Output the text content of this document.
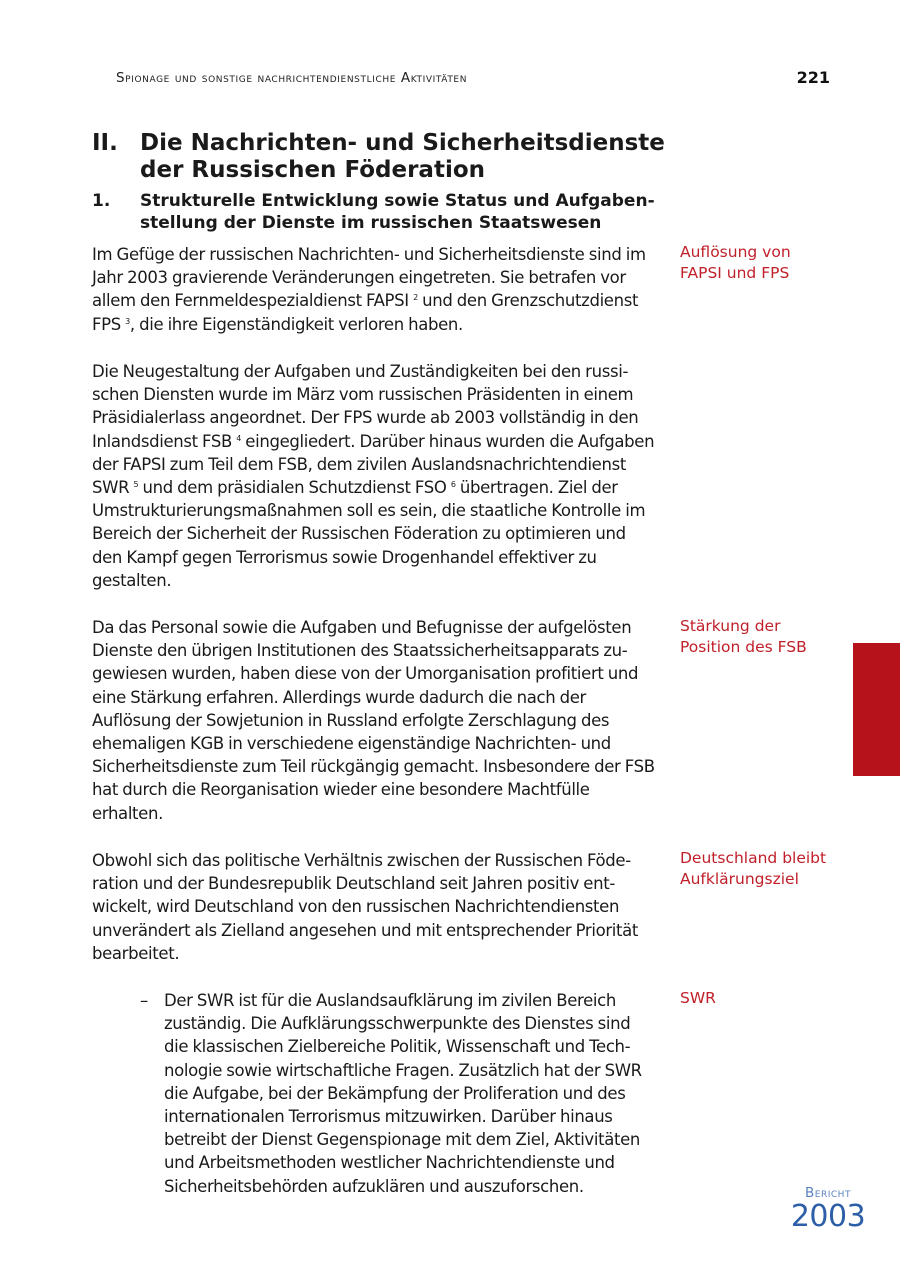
Spionage und sonstige nachrichtendienstliche Aktivitäten	221
II. Die Nachrichten- und Sicherheitsdienste der Russischen Föderation
1. Strukturelle Entwicklung sowie Status und Aufgabenstellung der Dienste im russischen Staatswesen

Im Gefüge der russischen Nachrichten- und Sicherheitsdienste sind im Jahr 2003 gravierende Veränderungen eingetreten. Sie betrafen vor allem den Fernmeldespezialdienst FAPSI $^2$ und den Grenzschutzdienst FPS $^3$, die ihre Eigenständigkeit verloren haben.

Die Neugestaltung der Aufgaben und Zuständigkeiten bei den russischen Diensten wurde im März vom russischen Präsidenten in einem Präsidialerlass angeordnet. Der FPS wurde ab 2003 vollständig in den Inlandsdienst FSB $^4$ eingegliedert. Darüber hinaus wurden die Aufgaben der FAPSI zum Teil dem FSB, dem zivilen Auslandsnachrichtendienst SWR $^5$ und dem präsidialen Schutzdienst FSO $^6$ übertragen. Ziel der Umstrukturierungsmaßnahmen soll es sein, die staatliche Kontrolle im Bereich der Sicherheit der Russischen Föderation zu optimieren und den Kampf gegen Terrorismus sowie Drogenhandel effektiver zu gestalten.

Da das Personal sowie die Aufgaben und Befugnisse der aufgelösten Dienste den übrigen Institutionen des Staatssicherheitsapparats zugewiesen wurden, haben diese von der Umorganisation profitiert und eine Stärkung erfahren. Allerdings wurde dadurch die nach der Auflösung der Sowjetunion in Russland erfolgte Zerschlagung des ehemaligen KGB in verschiedene eigenständige Nachrichten- und Sicherheitsdienste zum Teil rückgängig gemacht. Insbesondere der FSB hat durch die Reorganisation wieder eine besondere Machtfülle erhalten.

Obwohl sich das politische Verhältnis zwischen der Russischen Föderation und der Bundesrepublik Deutschland seit Jahren positiv entwickelt, wird Deutschland von den russischen Nachrichtendiensten unverändert als Zielland angesehen und mit entsprechender Priorität bearbeitet.

– Der SWR ist für die Auslandsaufklärung im zivilen Bereich zuständig. Die Aufklärungsschwerpunkte des Dienstes sind die klassischen Zielbereiche Politik, Wissenschaft und Technologie sowie wirtschaftliche Fragen. Zusätzlich hat der SWR die Aufgabe, bei der Bekämpfung der Proliferation und des internationalen Terrorismus mitzuwirken. Darüber hinaus betreibt der Dienst Gegenspionage mit dem Ziel, Aktivitäten und Arbeitsmethoden westlicher Nachrichtendienste und Sicherheitsbehörden aufzuklären und auszuforschen.
Auflösung von
FAPSI und FPS
Stärkung der
Position des FSB
Deutschland bleibt
Aufklärungsziel
SWR
Bericht
2003
